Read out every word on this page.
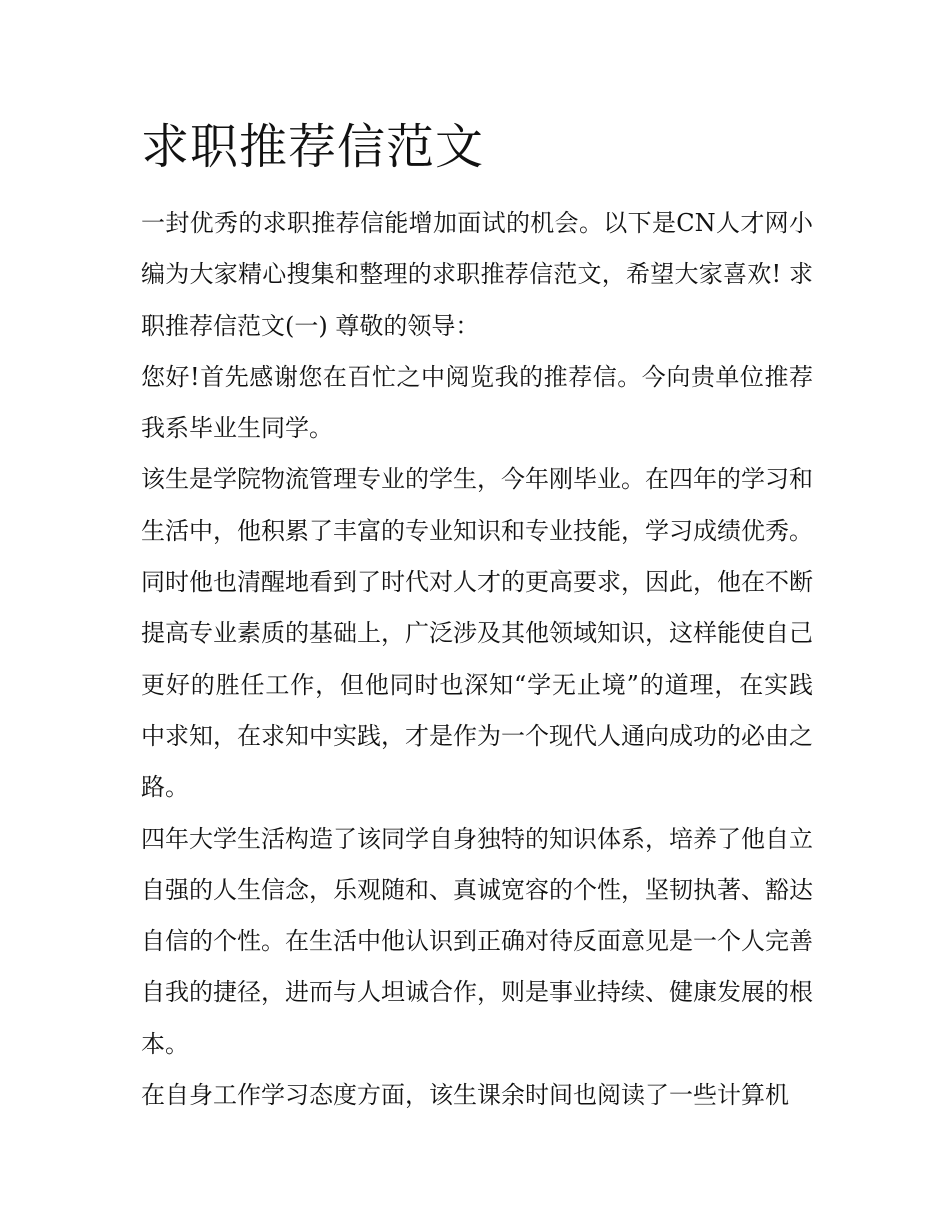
求职推荐信范文

一封优秀的求职推荐信能增加面试的机会。以下是CN人才网小编为大家精心搜集和整理的求职推荐信范文，希望大家喜欢! 求职推荐信范文(一) 尊敬的领导：

您好!首先感谢您在百忙之中阅览我的推荐信。今向贵单位推荐我系毕业生同学。

该生是学院物流管理专业的学生，今年刚毕业。在四年的学习和生活中，他积累了丰富的专业知识和专业技能，学习成绩优秀。同时他也清醒地看到了时代对人才的更高要求，因此，他在不断提高专业素质的基础上，广泛涉及其他领域知识，这样能使自己更好的胜任工作，但他同时也深知“学无止境”的道理，在实践中求知，在求知中实践，才是作为一个现代人通向成功的必由之路。

四年大学生活构造了该同学自身独特的知识体系，培养了他自立自强的人生信念，乐观随和、真诚宽容的个性，坚韧执著、豁达自信的个性。在生活中他认识到正确对待反面意见是一个人完善自我的捷径，进而与人坦诚合作，则是事业持续、健康发展的根本。

在自身工作学习态度方面，该生课余时间也阅读了一些计算机
